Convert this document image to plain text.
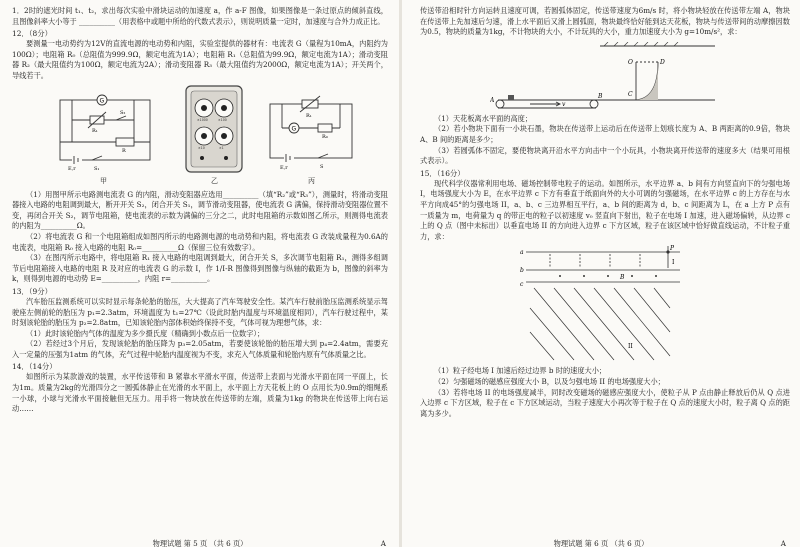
1．2时的遮光时间 t₁、t₂，求出每次实验中滑块运动的加速度 a，作 a-F 图像，如果图像是一条过原点的倾斜直线，且图像斜率大小等于 __________（用表格中或题中所给的代数式表示），则说明质量一定时，加速度与合外力成正比。

12．（8分）

要测量一电动势约为12V的直流电源的电动势和内阻，实验室提供的器材有：电流表 G（量程为10mA，内阻约为100Ω）；电阻箱 R₀（总阻值为999.9Ω，额定电流为1A）；电阻箱 R₁（总阻值为99.9Ω，额定电流为1A）；滑动变阻器 R₂（最大阻值约为100Ω，额定电流为2A）；滑动变阻器 R₃（最大阻值约为2000Ω，额定电流为1A）；开关两个，导线若干。

G
R₁
S₂
E,r	S₁
R
甲
×1000	×100
×10	×1
乙
G
R₁
R₀
E,r	S
丙

（1）用图甲所示电路测电流表 G 的内阻，滑动变阻器应选用__________（填“R₂”或“R₃”），测量时，将滑动变阻器接入电路的电阻调到最大，断开开关 S₂，闭合开关 S₁，调节滑动变阻器，使电流表 G 满偏，保持滑动变阻器位置不变，再闭合开关 S₂，调节电阻箱，使电流表的示数为满偏的三分之二，此时电阻箱的示数如图乙所示，则测得电流表的内阻为__________Ω。

（2）将电流表 G 和一个电阻箱组成如图丙所示的电路测电源的电动势和内阻，将电流表 G 改装成量程为0.6A的电流表，电阻箱 R₀ 接入电路的电阻 R₀=__________Ω（保留三位有效数字）。

（3）在图丙所示电路中，将电阻箱 R₁ 接入电路的电阻调到最大，闭合开关 S，多次调节电阻箱 R₁，测得多组调节后电阻箱接入电路的电阻 R 及对应的电流表 G 的示数 I，作 1/I-R 图像得到图像与纵轴的截距为 b，图像的斜率为 k，则得到电源的电动势 E=__________，内阻 r=__________。

13．（9分）

汽车胎压监测系统可以实时显示每条轮胎的胎压，大大提高了汽车驾驶安全性。某汽车行驶前胎压监测系统显示驾驶座左侧前轮的胎压为 p₁=2.3atm，环境温度为 t₁=27℃（设此时胎内温度与环境温度相同），汽车行驶过程中，某时刻该轮胎的胎压为 p₂=2.8atm，已知该轮胎内部体积始终保持不变，气体可视为理想气体，求：

（1）此时该轮胎内气体的温度为多少摄氏度（精确到小数点后一位数字）；

（2）若经过3个月后，发现该轮胎的胎压降为 p₃=2.05atm，若要使该轮胎的胎压增大到 p₄=2.4atm，需要充入一定量的压强为1atm 的气体，充气过程中轮胎内温度视为不变，求充入气体质量和轮胎内原有气体质量之比。

14．（14分）

如图所示为某款游戏的装置，水平传送带和 B 紧靠水平滑水平面，传送带上表面与光滑水平面在同一平面上，长为1m。质量为2kg的光滑四分之一圆弧体静止在光滑的水平面上，水平面上方天花板上的 O 点用长为0.9m的细绳系一小球，小球与光滑水平面接触但无压力。用手将一物块放在传送带的左端，质量为1kg 的物块在传送带上向右运动……

物理试题 第 5 页 （共 6 页）	A

传送带沿相时针方向运转且速度可调，若圆弧体固定，传送带速度为6m/s 时，将小物块轻放在传送带左端 A，物块在传送带上先加速后匀速，滑上水平面后又滑上圆弧面，物块最终恰好能到达天花板，物块与传送带间的动摩擦因数为0.5，物块的质量为1kg，不计物块的大小，不计玩具的大小，重力加速度大小为 g=10m/s²，求：

O	D
C
A
B
v

（1）天花板离水平面的高度；

（2）若小物块下面有一小块石墨，物块在传送带上运动后在传送带上划痕长度为 A、B 两距离的0.9倍，物块 A、B 间的距离是多少；

（3）若圆弧体不固定，要使物块离开沿水平方向击中一个小玩具，小物块离开传送带的速度多大（结果可用根式表示）。

15．（16分）

现代科学仪器常利用电场、磁场控制带电粒子的运动。如图所示，水平边界 a、b 间有方向竖直向下的匀强电场 I，电场强度大小为 E，在水平边界 c 下方有垂直于纸面向外的大小可调的匀强磁场，在水平边界 c 的上方存在与水平方向成45°的匀强电场 II，a、b、c 三边界相互平行，a、b 间的距离为 d，b、c 间距离为 L，在 a 上方 P 点有一质量为 m，电荷量为 q 的带正电的粒子以初速度 v₀ 竖直向下射出，粒子在电场 I 加速，进入磁场偏转，从边界 c 上的 Q 点（图中未标出）以垂直电场 II 的方向进入边界 c 下方区域，粒子在该区域中恰好做直线运动，不计粒子重力，求：

a
b
c
P
I
B
II

（1）粒子经电场 I 加速后经过边界 b 时的速度大小；

（2）匀强磁场的磁感应强度大小 B，以及匀强电场 II 的电场强度大小；

（3）若将电场 II 的电场强度减半，同时改变磁场的磁感应强度大小，使粒子从 P 点由静止释放后仍从 Q 点进入边界 c 下方区域，粒子在 c 下方区域运动，当粒子速度大小再次等于粒子在 Q 点的速度大小时，粒子离 Q 点的距离为多少。

物理试题 第 6 页 （共 6 页）	A
